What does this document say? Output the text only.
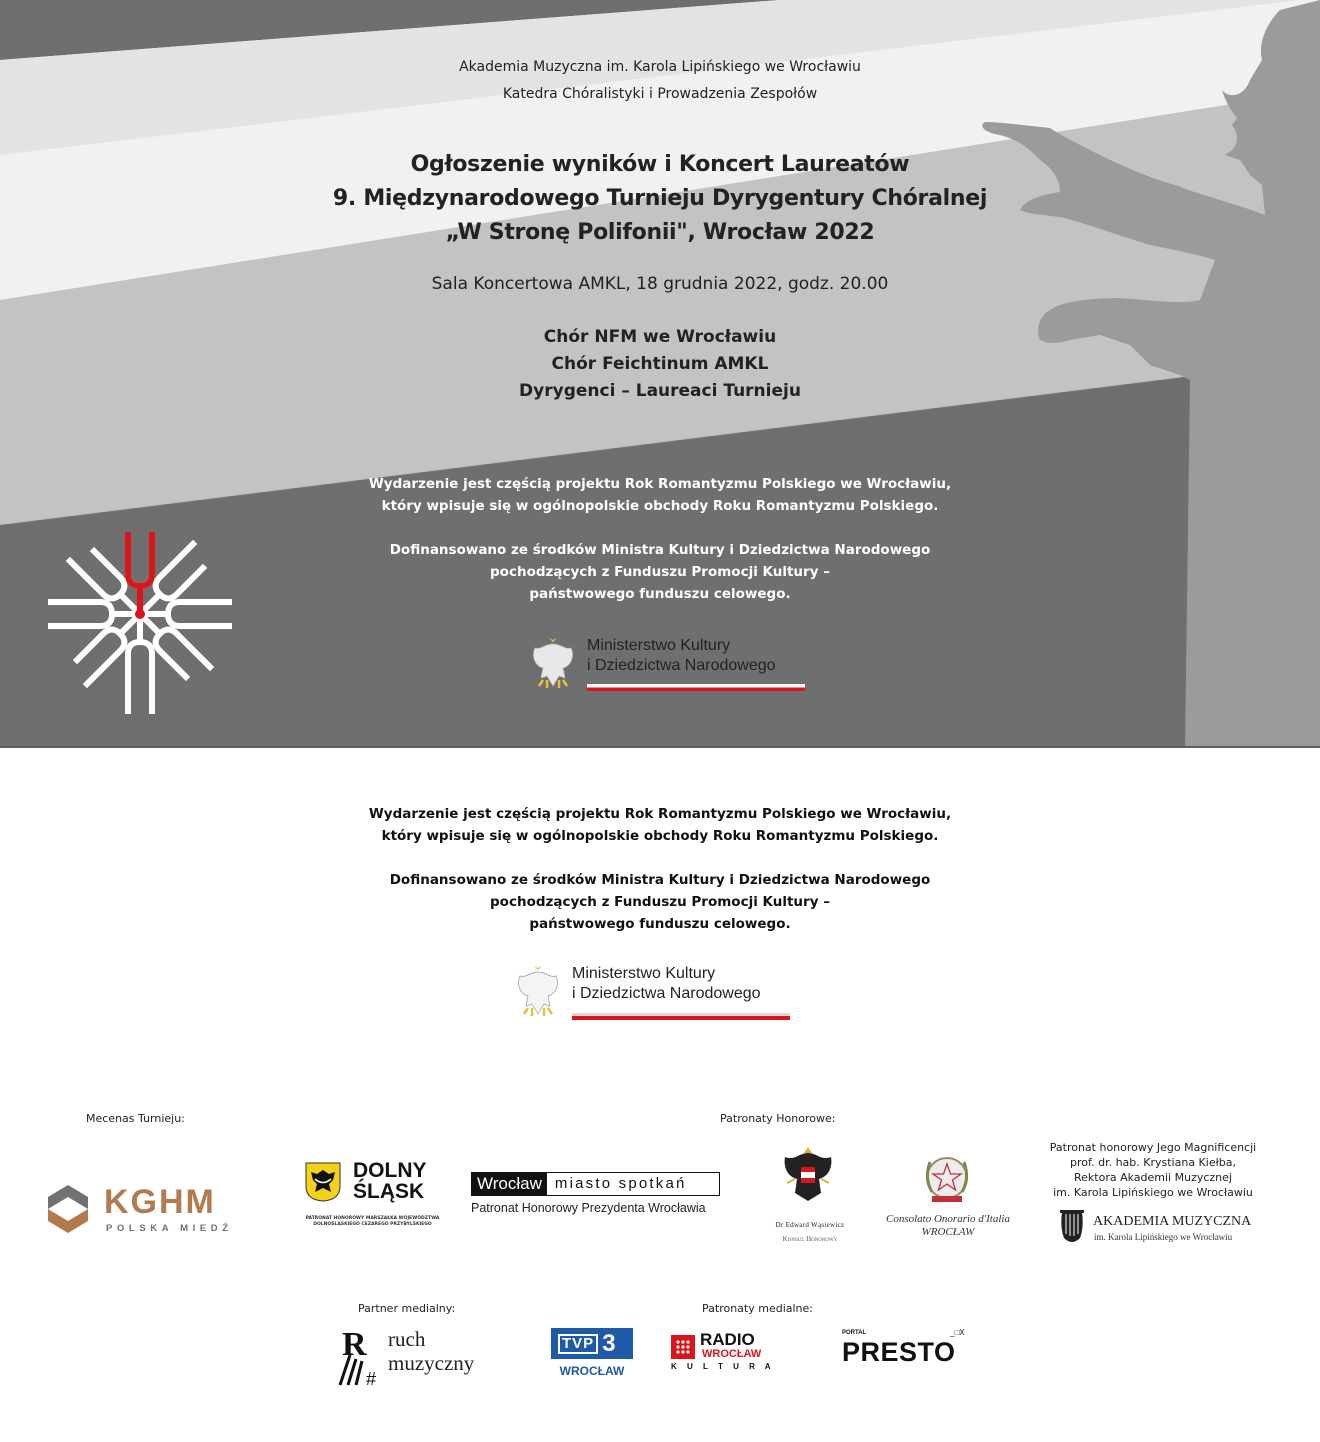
Akademia Muzyczna im. Karola Lipińskiego we Wrocławiu
Katedra Chóralistyki i Prowadzenia Zespołów
Ogłoszenie wyników i Koncert Laureatów
9. Międzynarodowego Turnieju Dyrygentury Chóralnej
„W Stronę Polifonii", Wrocław 2022
Sala Koncertowa AMKL, 18 grudnia 2022, godz. 20.00
Chór NFM we Wrocławiu
Chór Feichtinum AMKL
Dyrygenci – Laureaci Turnieju
Wydarzenie jest częścią projektu Rok Romantyzmu Polskiego we Wrocławiu,
który wpisuje się w ogólnopolskie obchody Roku Romantyzmu Polskiego.
Dofinansowano ze środków Ministra Kultury i Dziedzictwa Narodowego
pochodzących z Funduszu Promocji Kultury –
państwowego funduszu celowego.
Ministerstwo Kultury
i Dziedzictwa Narodowego
Wydarzenie jest częścią projektu Rok Romantyzmu Polskiego we Wrocławiu,
który wpisuje się w ogólnopolskie obchody Roku Romantyzmu Polskiego.
Dofinansowano ze środków Ministra Kultury i Dziedzictwa Narodowego
pochodzących z Funduszu Promocji Kultury –
państwowego funduszu celowego.
Ministerstwo Kultury
i Dziedzictwa Narodowego
Mecenas Turnieju:	Patronaty Honorowe:
KGHM
POLSKA MIEDŹ
DOLNY
ŚLĄSK
PATRONAT HONOROWY MARSZAŁKA WOJEWÓDZTWA
DOLNOŚLĄSKIEGO CEZAREGO PRZYBYLSKIEGO
Wrocław miasto spotkań
Patronat Honorowy Prezydenta Wrocławia
Dr Edward Wąsiewicz
Konsul Honorowy
Consolato Onorario d'Italia
WROCŁAW
Patronat honorowy Jego Magnificencji
prof. dr. hab. Krystiana Kiełba,
Rektora Akademii Muzycznej
im. Karola Lipińskiego we Wrocławiu
AKADEMIA MUZYCZNA
im. Karola Lipińskiego we Wrocławiu
Partner medialny:	Patronaty medialne:
R
#
ruch
muzyczny
TVP 3
WROCŁAW
RADIO
WROCŁAW
K U L T U R A
PORTAL	_□X
PRESTO
